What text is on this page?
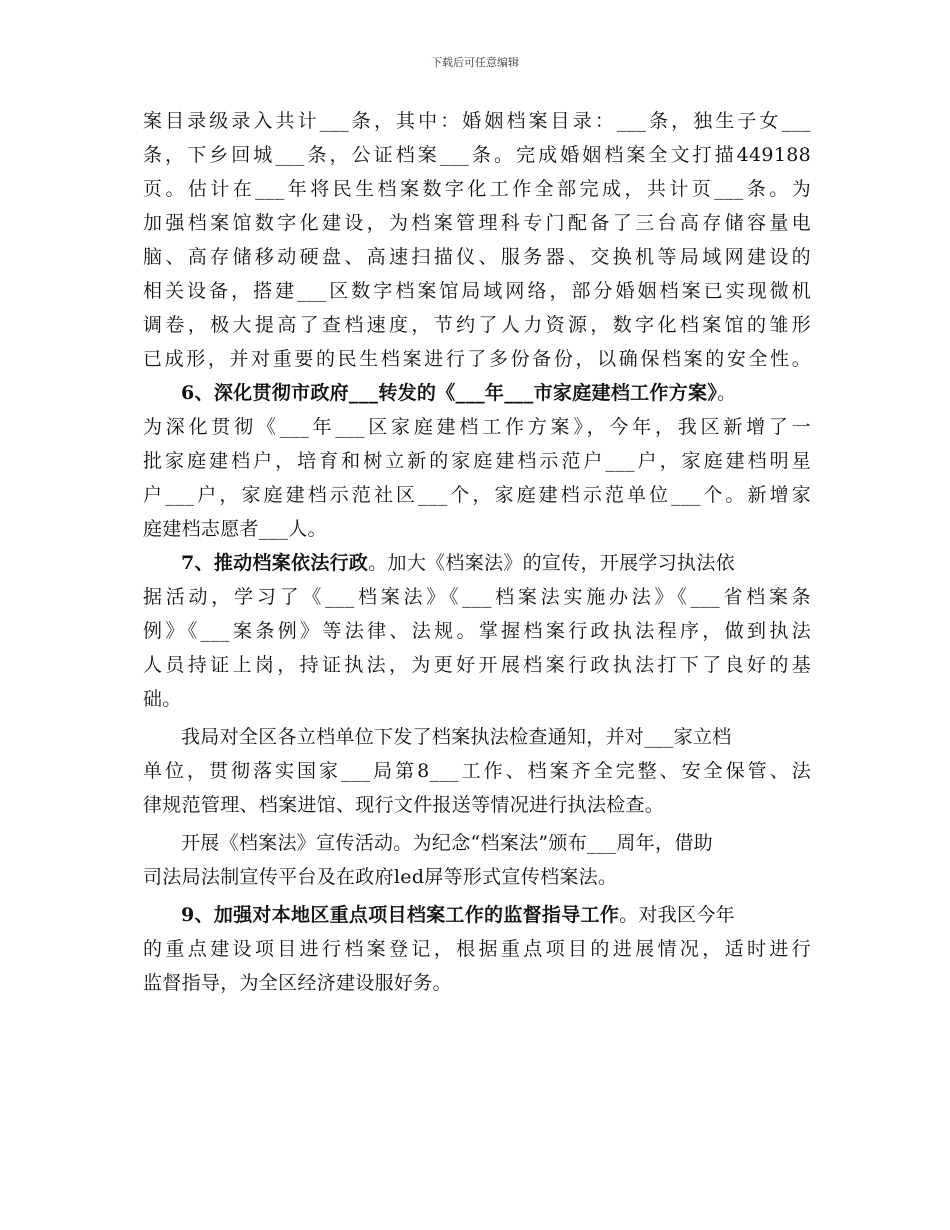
下载后可任意编辑
案目录级录入共计___条，其中：婚姻档案目录：___条，独生子女___
条，下乡回城___条，公证档案___条。完成婚姻档案全文打描449188
页。估计在___年将民生档案数字化工作全部完成，共计页___条。为
加强档案馆数字化建设，为档案管理科专门配备了三台高存储容量电
脑、高存储移动硬盘、高速扫描仪、服务器、交换机等局域网建设的
相关设备，搭建___区数字档案馆局域网络，部分婚姻档案已实现微机
调卷，极大提高了查档速度，节约了人力资源，数字化档案馆的雏形
已成形，并对重要的民生档案进行了多份备份，以确保档案的安全性。
6、深化贯彻市政府___转发的《___年___市家庭建档工作方案》。
为深化贯彻《___年___区家庭建档工作方案》，今年，我区新增了一
批家庭建档户，培育和树立新的家庭建档示范户___户，家庭建档明星
户___户，家庭建档示范社区___个，家庭建档示范单位___个。新增家
庭建档志愿者___人。
7、推动档案依法行政。加大《档案法》的宣传，开展学习执法依
据活动，学习了《___档案法》《___档案法实施办法》《___省档案条
例》《___案条例》等法律、法规。掌握档案行政执法程序，做到执法
人员持证上岗，持证执法，为更好开展档案行政执法打下了良好的基
础。
我局对全区各立档单位下发了档案执法检查通知，并对___家立档
单位，贯彻落实国家___局第8___工作、档案齐全完整、安全保管、法
律规范管理、档案进馆、现行文件报送等情况进行执法检查。
开展《档案法》宣传活动。为纪念“档案法”颁布___周年，借助
司法局法制宣传平台及在政府led屏等形式宣传档案法。
9、加强对本地区重点项目档案工作的监督指导工作。对我区今年
的重点建设项目进行档案登记，根据重点项目的进展情况，适时进行
监督指导，为全区经济建设服好务。
